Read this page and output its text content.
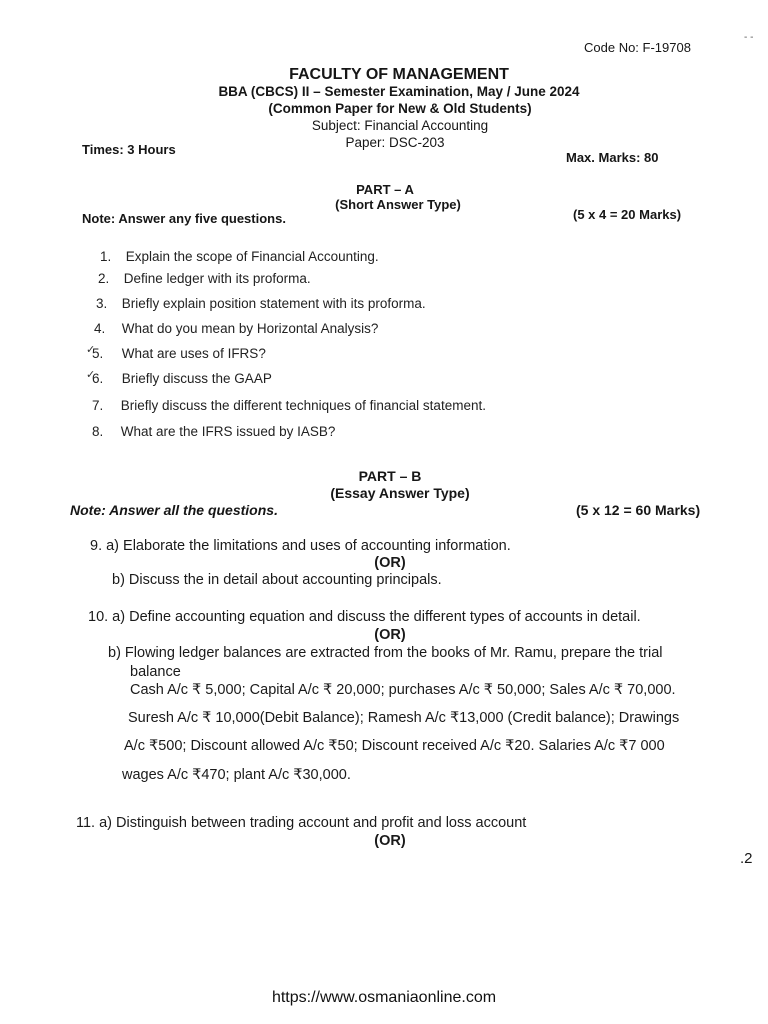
Code No: F-19708
- -
FACULTY OF MANAGEMENT
BBA (CBCS) II – Semester Examination, May / June 2024
(Common Paper for New & Old Students)
Subject: Financial Accounting
Paper: DSC-203
Times: 3 Hours
Max. Marks: 80
PART – A
(Short Answer Type)
Note: Answer any five questions.	(5 x 4 = 20 Marks)
1. Explain the scope of Financial Accounting.
2. Define ledger with its proforma.
3. Briefly explain position statement with its proforma.
4. What do you mean by Horizontal Analysis?
✓
5. What are uses of IFRS?
✓
6. Briefly discuss the GAAP
7. Briefly discuss the different techniques of financial statement.
8. What are the IFRS issued by IASB?
PART – B
(Essay Answer Type)
Note: Answer all the questions.	(5 x 12 = 60 Marks)
9. a) Elaborate the limitations and uses of accounting information.
(OR)
b) Discuss the in detail about accounting principals.
10. a) Define accounting equation and discuss the different types of accounts in detail.
(OR)
b) Flowing ledger balances are extracted from the books of Mr. Ramu, prepare the trial
balance
Cash A/c ₹ 5,000; Capital A/c ₹ 20,000; purchases A/c ₹ 50,000; Sales A/c ₹ 70,000.
Suresh A/c ₹ 10,000(Debit Balance); Ramesh A/c ₹13,000 (Credit balance); Drawings
A/c ₹500; Discount allowed A/c ₹50; Discount received A/c ₹20. Salaries A/c ₹7 000
wages A/c ₹470; plant A/c ₹30,000.
11. a) Distinguish between trading account and profit and loss account
(OR)
.2
https://www.osmaniaonline.com
